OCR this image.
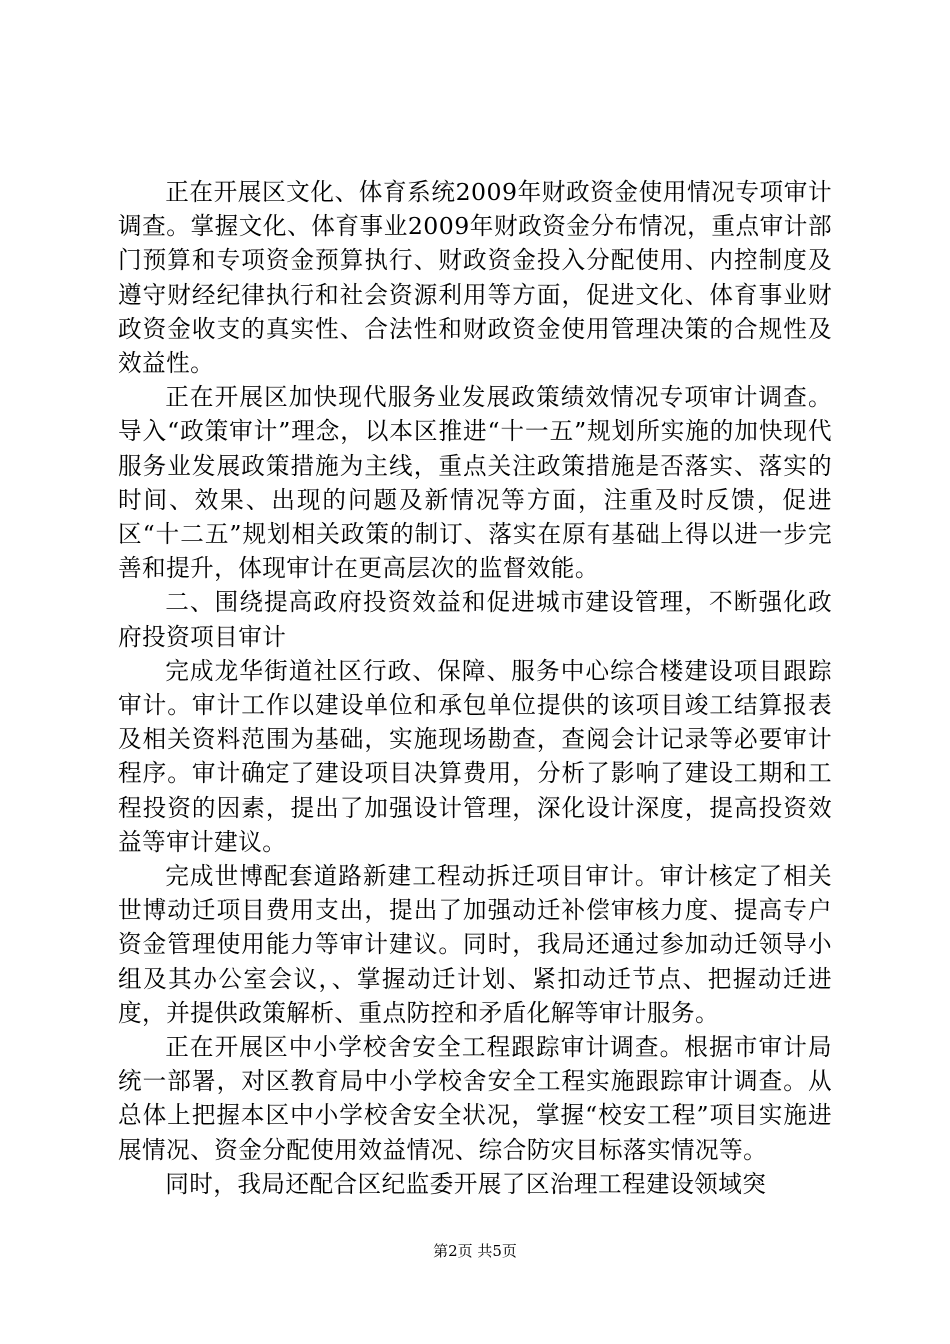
正在开展区文化、体育系统2009年财政资金使用情况专项审计调查。掌握文化、体育事业2009年财政资金分布情况，重点审计部门预算和专项资金预算执行、财政资金投入分配使用、内控制度及遵守财经纪律执行和社会资源利用等方面，促进文化、体育事业财政资金收支的真实性、合法性和财政资金使用管理决策的合规性及效益性。

正在开展区加快现代服务业发展政策绩效情况专项审计调查。导入“政策审计”理念，以本区推进“十一五”规划所实施的加快现代服务业发展政策措施为主线，重点关注政策措施是否落实、落实的时间、效果、出现的问题及新情况等方面，注重及时反馈，促进区“十二五”规划相关政策的制订、落实在原有基础上得以进一步完善和提升，体现审计在更高层次的监督效能。

二、围绕提高政府投资效益和促进城市建设管理，不断强化政府投资项目审计

完成龙华街道社区行政、保障、服务中心综合楼建设项目跟踪审计。审计工作以建设单位和承包单位提供的该项目竣工结算报表及相关资料范围为基础，实施现场勘查，查阅会计记录等必要审计程序。审计确定了建设项目决算费用，分析了影响了建设工期和工程投资的因素，提出了加强设计管理，深化设计深度，提高投资效益等审计建议。

完成世博配套道路新建工程动拆迁项目审计。审计核定了相关世博动迁项目费用支出，提出了加强动迁补偿审核力度、提高专户资金管理使用能力等审计建议。同时，我局还通过参加动迁领导小组及其办公室会议，、掌握动迁计划、紧扣动迁节点、把握动迁进度，并提供政策解析、重点防控和矛盾化解等审计服务。

正在开展区中小学校舍安全工程跟踪审计调查。根据市审计局统一部署，对区教育局中小学校舍安全工程实施跟踪审计调查。从总体上把握本区中小学校舍安全状况，掌握“校安工程”项目实施进展情况、资金分配使用效益情况、综合防灾目标落实情况等。

同时，我局还配合区纪监委开展了区治理工程建设领域突

第2页 共5页
